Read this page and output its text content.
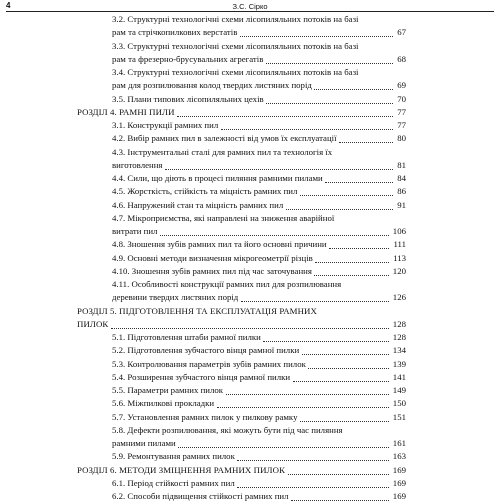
4	З.С. Сірко
3.2. Структурні технологічні схеми лісопиляльних потоків на базі
рам та стрічкопилкових верстатів	67
3.3. Структурні технологічні схеми лісопиляльних потоків на базі
рам та фрезерно-брусувальних агрегатів	68
3.4. Структурні технологічні схеми лісопиляльних потоків на базі
рам для розпилювання колод твердих листяних порід	69
3.5. Плани типових лісопиляльних цехів	70
РОЗДІЛ 4. РАМНІ ПИЛИ	77
3.1. Конструкції рамних пил	77
4.2. Вибір рамних пил в залежності від умов їх експлуатації	80
4.3. Інструментальні сталі для рамних пил та технологія їх
виготовлення	81
4.4. Сили, що діють в процесі пиляння рамними пилами	84
4.5. Жорсткість, стійкість та міцність рамних пил	86
4.6. Напружений стан та міцність рамних пил	91
4.7. Мікроприємства, які направлені на зниження аварійної
витрати пил	106
4.8. Зношення зубів рамних пил та його основні причини	111
4.9. Основні методи визначення мікрогеометрії різців	113
4.10. Зношення зубів рамних пил під час заточування	120
4.11. Особливості конструкції рамних пил для розпилювання
деревини твердих листяних порід	126
РОЗДІЛ 5. ПІДГОТОВЛЕННЯ ТА ЕКСПЛУАТАЦІЯ РАМНИХ
ПИЛОК	128
5.1. Підготовлення штаби рамної пилки	128
5.2. Підготовлення зубчастого вінця рамної пилки	134
5.3. Контролювання параметрів зубів рамних пилок	139
5.4. Розширення зубчастого вінця рамної пилки	141
5.5. Параметри рамних пилок	149
5.6. Міжпилкові прокладки	150
5.7. Установлення рамних пилок у пилкову рамку	151
5.8. Дефекти розпилювання, які можуть бути під час пиляння
рамними пилами	161
5.9. Ремонтування рамних пилок	163
РОЗДІЛ 6. МЕТОДИ ЗМІЦНЕННЯ РАМНИХ ПИЛОК	169
6.1. Період стійкості рамних пил	169
6.2. Способи підвищення стійкості рамних пил	169
